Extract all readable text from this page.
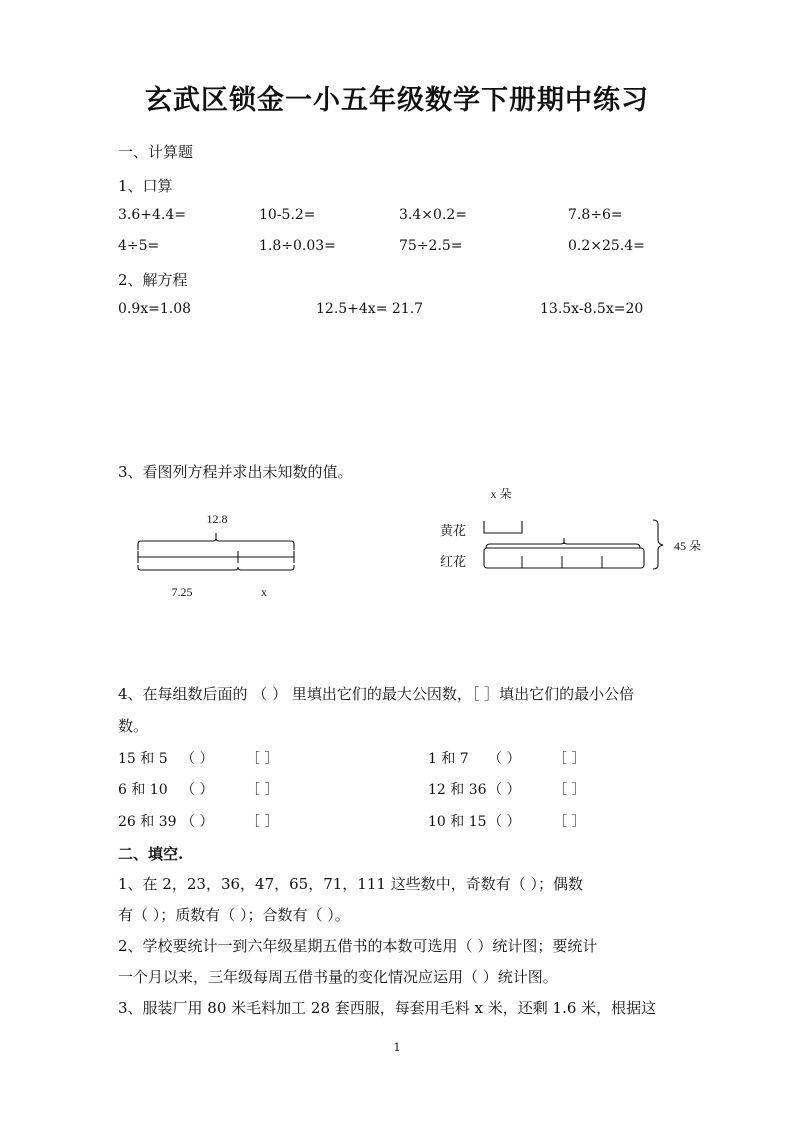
玄武区锁金一小五年级数学下册期中练习
一、计算题
1、口算
3.6+4.4=	10-5.2=	3.4×0.2=	7.8÷6=
4÷5=	1.8÷0.03=	75÷2.5=	0.2×25.4=
2、解方程
0.9x=1.08	12.5+4x= 21.7	13.5x-8.5x=20
3、看图列方程并求出未知数的值。
12.8
7.25	x
x 朵
黄花
红花
45 朵
4、在每组数后面的 （ ） 里填出它们的最大公因数，［ ］填出它们的最小公倍
数。
15 和 5 （ ） ［ ］	1 和 7 （ ） ［ ］
6 和 10 （ ） ［ ］	12 和 36 （ ） ［ ］
26 和 39 （ ） ［ ］	10 和 15 （ ） ［ ］
二、填空.
1、在 2，23，36，47，65，71，111 这些数中，奇数有（ ）；偶数
有（ ）；质数有（ ）；合数有（ ）。
2、学校要统计一到六年级星期五借书的本数可选用（ ）统计图；要统计
一个月以来，三年级每周五借书量的变化情况应运用（ ）统计图。
3、服装厂用 80 米毛料加工 28 套西服，每套用毛料 x 米，还剩 1.6 米，根据这
1
